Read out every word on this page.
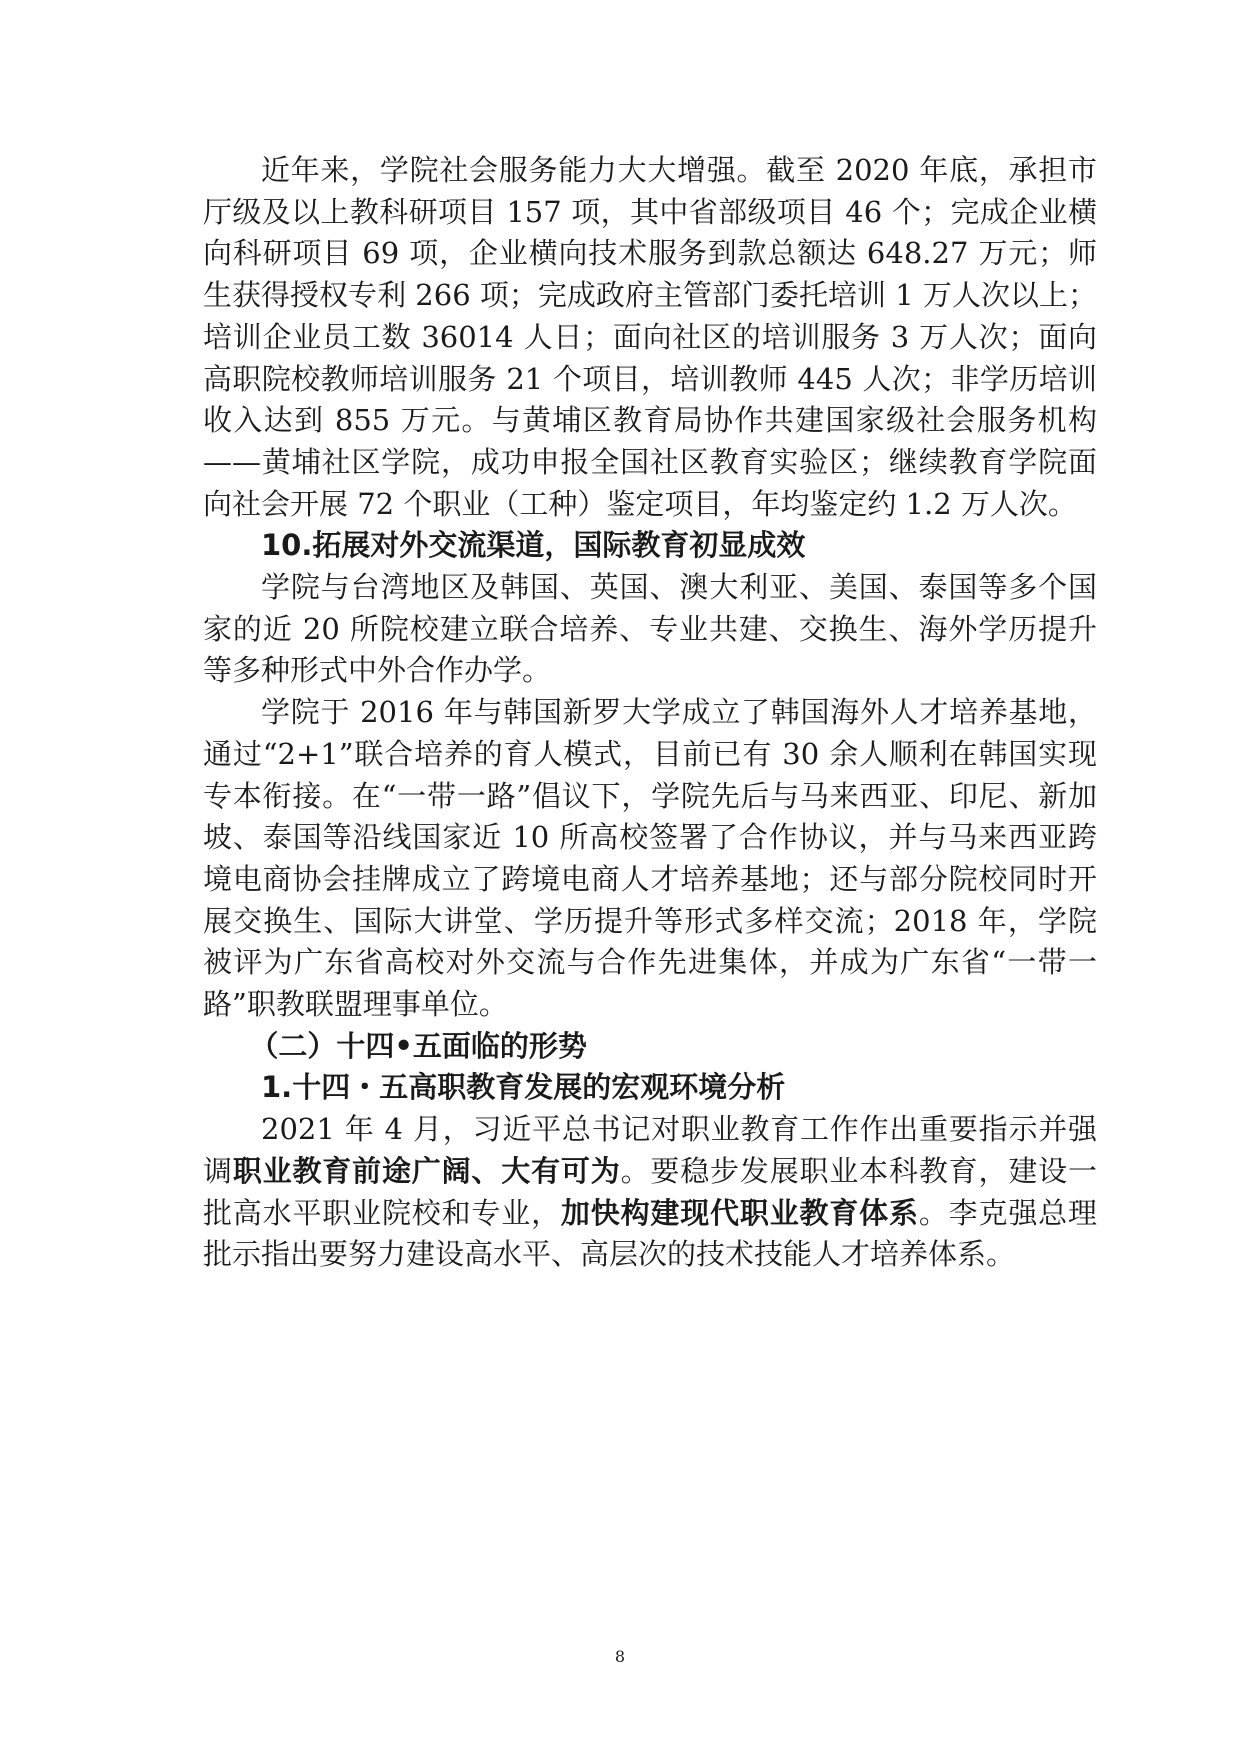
近年来，学院社会服务能力大大增强。截至 2020 年底，承担市厅级及以上教科研项目 157 项，其中省部级项目 46 个；完成企业横向科研项目 69 项，企业横向技术服务到款总额达 648.27 万元；师生获得授权专利 266 项；完成政府主管部门委托培训 1 万人次以上；培训企业员工数 36014 人日；面向社区的培训服务 3 万人次；面向高职院校教师培训服务 21 个项目，培训教师 445 人次；非学历培训收入达到 855 万元。与黄埔区教育局协作共建国家级社会服务机构——黄埔社区学院，成功申报全国社区教育实验区；继续教育学院面向社会开展 72 个职业（工种）鉴定项目，年均鉴定约 1.2 万人次。

10.拓展对外交流渠道，国际教育初显成效

学院与台湾地区及韩国、英国、澳大利亚、美国、泰国等多个国家的近 20 所院校建立联合培养、专业共建、交换生、海外学历提升等多种形式中外合作办学。

学院于 2016 年与韩国新罗大学成立了韩国海外人才培养基地，通过“2+1”联合培养的育人模式，目前已有 30 余人顺利在韩国实现专本衔接。在“一带一路”倡议下，学院先后与马来西亚、印尼、新加坡、泰国等沿线国家近 10 所高校签署了合作协议，并与马来西亚跨境电商协会挂牌成立了跨境电商人才培养基地；还与部分院校同时开展交换生、国际大讲堂、学历提升等形式多样交流；2018 年，学院被评为广东省高校对外交流与合作先进集体，并成为广东省“一带一路”职教联盟理事单位。

（二）十四•五面临的形势

1.十四・五高职教育发展的宏观环境分析

2021 年 4 月，习近平总书记对职业教育工作作出重要指示并强调职业教育前途广阔、大有可为。要稳步发展职业本科教育，建设一批高水平职业院校和专业，加快构建现代职业教育体系。李克强总理批示指出要努力建设高水平、高层次的技术技能人才培养体系。

8
